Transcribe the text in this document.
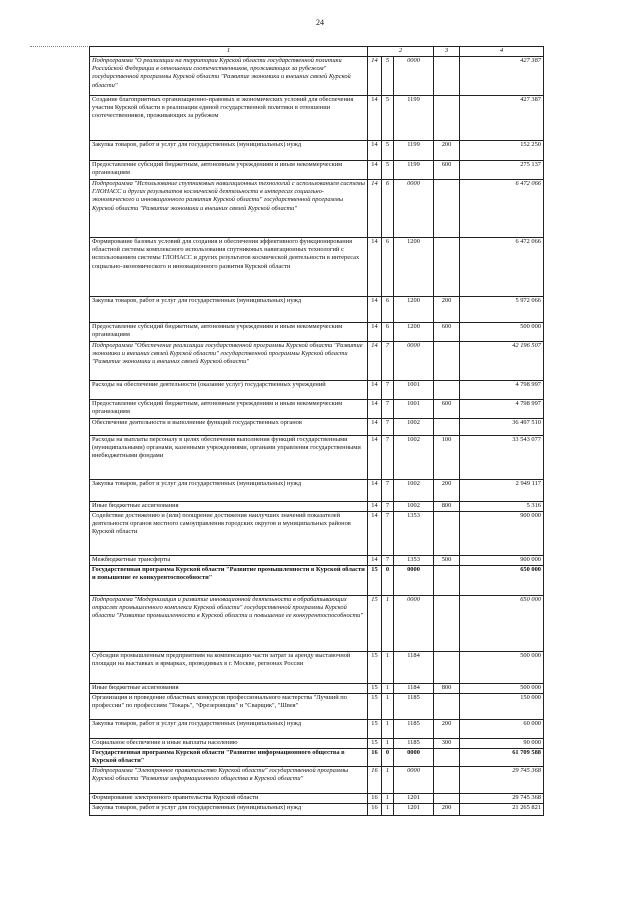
24
1	2			3	4
Подпрограмма "О реализации на территории Курской области государственной политики Российской Федерации в отношении соотечественников, проживающих за рубежом" государственной программы Курской области "Развитие экономики и внешних связей Курской области"	14	5	0000		427 387
Создание благоприятных организационно-правовых и экономических условий для обеспечения участия Курской области в реализации единой государственной политики в отношении соотечественников, проживающих за рубежом	14	5	1199		427 387
Закупка товаров, работ и услуг для государственных (муниципальных) нужд	14	5	1199	200	152 250
Предоставление субсидий бюджетным, автономным учреждениям и иным некоммерческим организациям	14	5	1199	600	275 137
Подпрограмма "Использование спутниковых навигационных технологий с использованием системы ГЛОНАСС и других результатов космической деятельности в интересах социально-экономического и инновационного развития Курской области" государственной программы Курской области "Развитие экономики и внешних связей Курской области"	14	6	0000		6 472 066
Формирование базовых условий для создания и обеспечения эффективного функционирования областной системы комплексного использования спутниковых навигационных технологий с использованием системы ГЛОНАСС и других результатов космической деятельности в интересах социально-экономического и инновационного развития Курской области	14	6	1200		6 472 066
Закупка товаров, работ и услуг для государственных (муниципальных) нужд	14	6	1200	200	5 972 066
Предоставление субсидий бюджетным, автономным учреждениям и иным некоммерческим организациям	14	6	1200	600	500 000
Подпрограмма "Обеспечение реализации государственной программы Курской области "Развитие экономики и внешних связей Курской области" государственной программы Курской области "Развитие экономики и внешних связей Курской области"	14	7	0000		42 196 507
Расходы на обеспечение деятельности (оказание услуг) государственных учреждений	14	7	1001		4 798 997
Предоставление субсидий бюджетным, автономным учреждениям и иным некоммерческим организациям	14	7	1001	600	4 798 997
Обеспечение деятельности и выполнение функций государственных органов	14	7	1002		36 497 510
Расходы на выплаты персоналу в целях обеспечения выполнения функций государственными (муниципальными) органами, казенными учреждениями, органами управления государственными внебюджетными фондами	14	7	1002	100	33 543 077
Закупка товаров, работ и услуг для государственных (муниципальных) нужд	14	7	1002	200	2 949 117
Иные бюджетные ассигнования	14	7	1002	800	5 316
Содействие достижению и (или) поощрение достижения наилучших значений показателей деятельности органов местного самоуправления городских округов и муниципальных районов Курской области	14	7	1353		900 000
Межбюджетные трансферты	14	7	1353	500	900 000
Государственная программа Курской области "Развитие промышленности в Курской области и повышение ее конкурентоспособности"	15	0	0000		650 000
Подпрограмма "Модернизация и развитие инновационной деятельности в обрабатывающих отраслях промышленного комплекса Курской области" государственной программы Курской области "Развитие промышленности в Курской области и повышение ее конкурентоспособности"	15	1	0000		650 000
Субсидии промышленным предприятиям на компенсацию части затрат за аренду выставочной площади на выставках и ярмарках, проводимых в г. Москве, регионах России	15	1	1184		500 000
Иные бюджетные ассигнования	15	1	1184	800	500 000
Организация и проведение областных конкурсов профессионального мастерства "Лучший по профессии" по профессиям "Токарь", "Фрезеровщик" и "Сварщик", "Швея"	15	1	1185		150 000
Закупка товаров, работ и услуг для государственных (муниципальных) нужд	15	1	1185	200	60 000
Социальное обеспечение и иные выплаты населению	15	1	1185	300	90 000
Государственная программа Курской области "Развитие информационного общества в Курской области"	16	0	0000		61 709 588
Подпрограмма "Электронное правительство Курской области" государственной программы Курской области "Развитие информационного общества в Курской области"	16	1	0000		29 745 368
Формирование электронного правительства Курской области	16	1	1201		29 745 368
Закупка товаров, работ и услуг для государственных (муниципальных) нужд	16	1	1201	200	21 265 821
